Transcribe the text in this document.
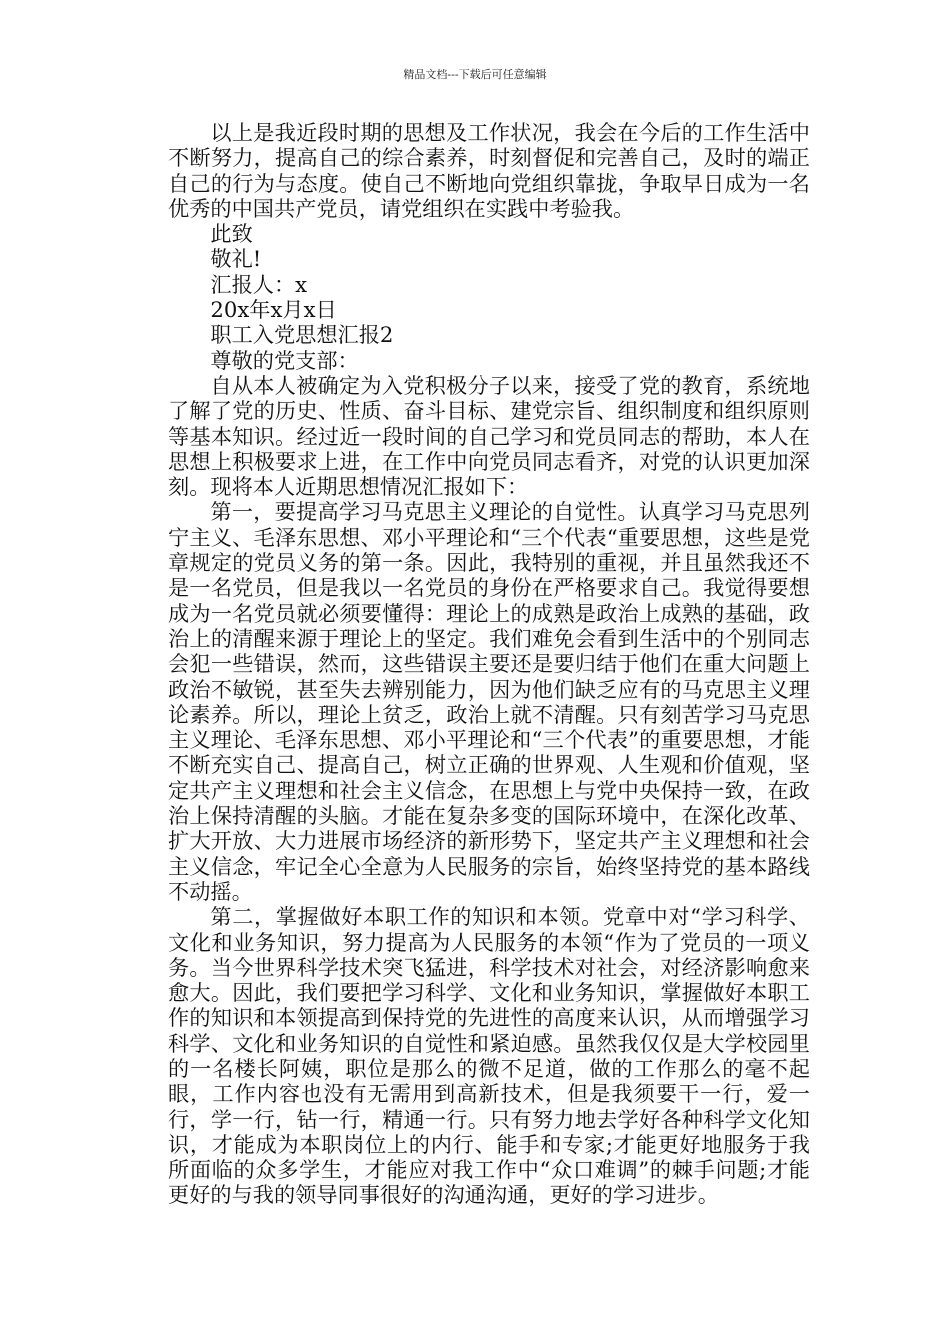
精品文档---下载后可任意编辑

以上是我近段时期的思想及工作状况，我会在今后的工作生活中不断努力，提高自己的综合素养，时刻督促和完善自己，及时的端正自己的行为与态度。使自己不断地向党组织靠拢，争取早日成为一名优秀的中国共产党员，请党组织在实践中考验我。

此致
敬礼!
汇报人：x
20x年x月x日
职工入党思想汇报2
尊敬的党支部：

自从本人被确定为入党积极分子以来，接受了党的教育，系统地了解了党的历史、性质、奋斗目标、建党宗旨、组织制度和组织原则等基本知识。经过近一段时间的自己学习和党员同志的帮助，本人在思想上积极要求上进，在工作中向党员同志看齐，对党的认识更加深刻。现将本人近期思想情况汇报如下：

第一，要提高学习马克思主义理论的自觉性。认真学习马克思列宁主义、毛泽东思想、邓小平理论和“三个代表“重要思想，这些是党章规定的党员义务的第一条。因此，我特别的重视，并且虽然我还不是一名党员，但是我以一名党员的身份在严格要求自己。我觉得要想成为一名党员就必须要懂得：理论上的成熟是政治上成熟的基础，政治上的清醒来源于理论上的坚定。我们难免会看到生活中的个别同志会犯一些错误，然而，这些错误主要还是要归结于他们在重大问题上政治不敏锐，甚至失去辨别能力，因为他们缺乏应有的马克思主义理论素养。所以，理论上贫乏，政治上就不清醒。只有刻苦学习马克思主义理论、毛泽东思想、邓小平理论和“三个代表”的重要思想，才能不断充实自己、提高自己，树立正确的世界观、人生观和价值观，坚定共产主义理想和社会主义信念，在思想上与党中央保持一致，在政治上保持清醒的头脑。才能在复杂多变的国际环境中，在深化改革、扩大开放、大力进展市场经济的新形势下，坚定共产主义理想和社会主义信念，牢记全心全意为人民服务的宗旨，始终坚持党的基本路线不动摇。

第二，掌握做好本职工作的知识和本领。党章中对“学习科学、文化和业务知识，努力提高为人民服务的本领“作为了党员的一项义务。当今世界科学技术突飞猛进，科学技术对社会，对经济影响愈来愈大。因此，我们要把学习科学、文化和业务知识，掌握做好本职工作的知识和本领提高到保持党的先进性的高度来认识，从而增强学习科学、文化和业务知识的自觉性和紧迫感。虽然我仅仅是大学校园里的一名楼长阿姨，职位是那么的微不足道，做的工作那么的毫不起眼，工作内容也没有无需用到高新技术，但是我须要干一行，爱一行，学一行，钻一行，精通一行。只有努力地去学好各种科学文化知识，才能成为本职岗位上的内行、能手和专家;才能更好地服务于我所面临的众多学生，才能应对我工作中“众口难调”的棘手问题;才能更好的与我的领导同事很好的沟通沟通，更好的学习进步。
